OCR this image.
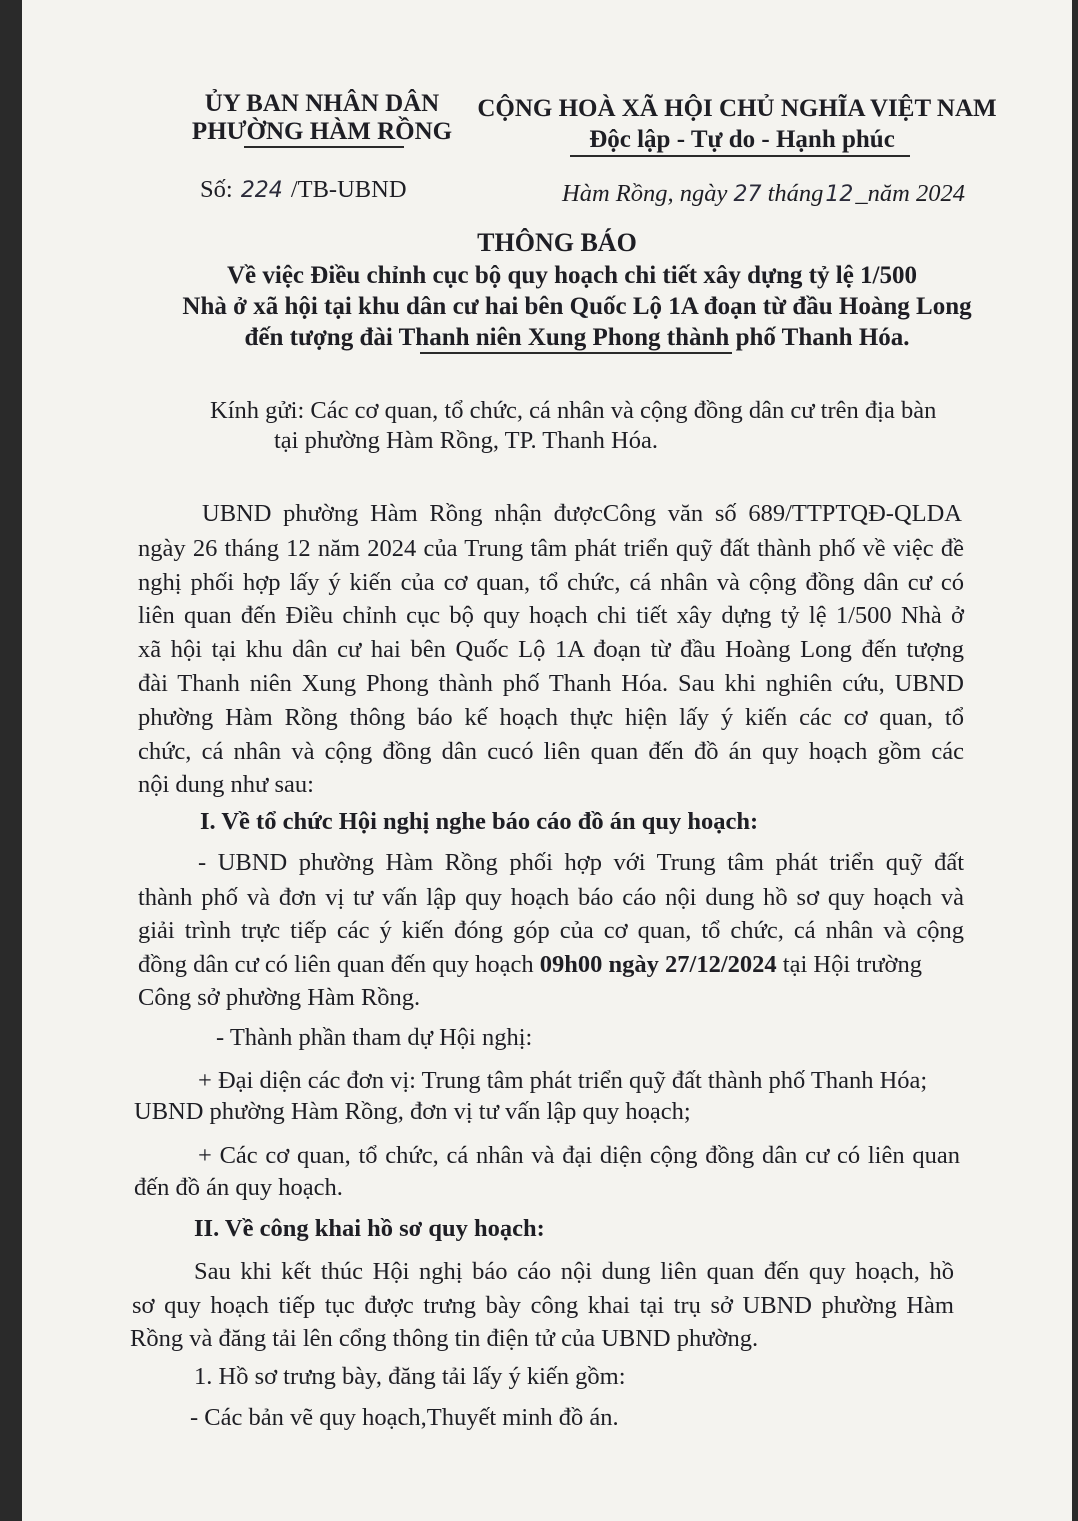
ỦY BAN NHÂN DÂN
PHƯỜNG HÀM RỒNG
CỘNG HOÀ XÃ HỘI CHỦ NGHĨA VIỆT NAM
Độc lập - Tự do - Hạnh phúc
Số: 224 /TB-UBND	Hàm Rồng, ngày 27 tháng12_năm 2024
THÔNG BÁO
Về việc Điều chỉnh cục bộ quy hoạch chi tiết xây dựng tỷ lệ 1/500
Nhà ở xã hội tại khu dân cư hai bên Quốc Lộ 1A đoạn từ đầu Hoàng Long
đến tượng đài Thanh niên Xung Phong thành phố Thanh Hóa.
Kính gửi: Các cơ quan, tổ chức, cá nhân và cộng đồng dân cư trên địa bàn
tại phường Hàm Rồng, TP. Thanh Hóa.
UBND phường Hàm Rồng nhận đượcCông văn số 689/TTPTQĐ-QLDA
ngày 26 tháng 12 năm 2024 của Trung tâm phát triển quỹ đất thành phố về việc đề
nghị phối hợp lấy ý kiến của cơ quan, tổ chức, cá nhân và cộng đồng dân cư có
liên quan đến Điều chỉnh cục bộ quy hoạch chi tiết xây dựng tỷ lệ 1/500 Nhà ở
xã hội tại khu dân cư hai bên Quốc Lộ 1A đoạn từ đầu Hoàng Long đến tượng
đài Thanh niên Xung Phong thành phố Thanh Hóa. Sau khi nghiên cứu, UBND
phường Hàm Rồng thông báo kế hoạch thực hiện lấy ý kiến các cơ quan, tổ
chức, cá nhân và cộng đồng dân cucó liên quan đến đồ án quy hoạch gồm các
nội dung như sau:
I. Về tổ chức Hội nghị nghe báo cáo đồ án quy hoạch:
- UBND phường Hàm Rồng phối hợp với Trung tâm phát triển quỹ đất
thành phố và đơn vị tư vấn lập quy hoạch báo cáo nội dung hồ sơ quy hoạch và
giải trình trực tiếp các ý kiến đóng góp của cơ quan, tổ chức, cá nhân và cộng
đồng dân cư có liên quan đến quy hoạch 09h00 ngày 27/12/2024 tại Hội trường
Công sở phường Hàm Rồng.
- Thành phần tham dự Hội nghị:
+ Đại diện các đơn vị: Trung tâm phát triển quỹ đất thành phố Thanh Hóa;
UBND phường Hàm Rồng, đơn vị tư vấn lập quy hoạch;
+ Các cơ quan, tổ chức, cá nhân và đại diện cộng đồng dân cư có liên quan
đến đồ án quy hoạch.
II. Về công khai hồ sơ quy hoạch:
Sau khi kết thúc Hội nghị báo cáo nội dung liên quan đến quy hoạch, hồ
sơ quy hoạch tiếp tục được trưng bày công khai tại trụ sở UBND phường Hàm
Rồng và đăng tải lên cổng thông tin điện tử của UBND phường.
1. Hồ sơ trưng bày, đăng tải lấy ý kiến gồm:
- Các bản vẽ quy hoạch,Thuyết minh đồ án.
